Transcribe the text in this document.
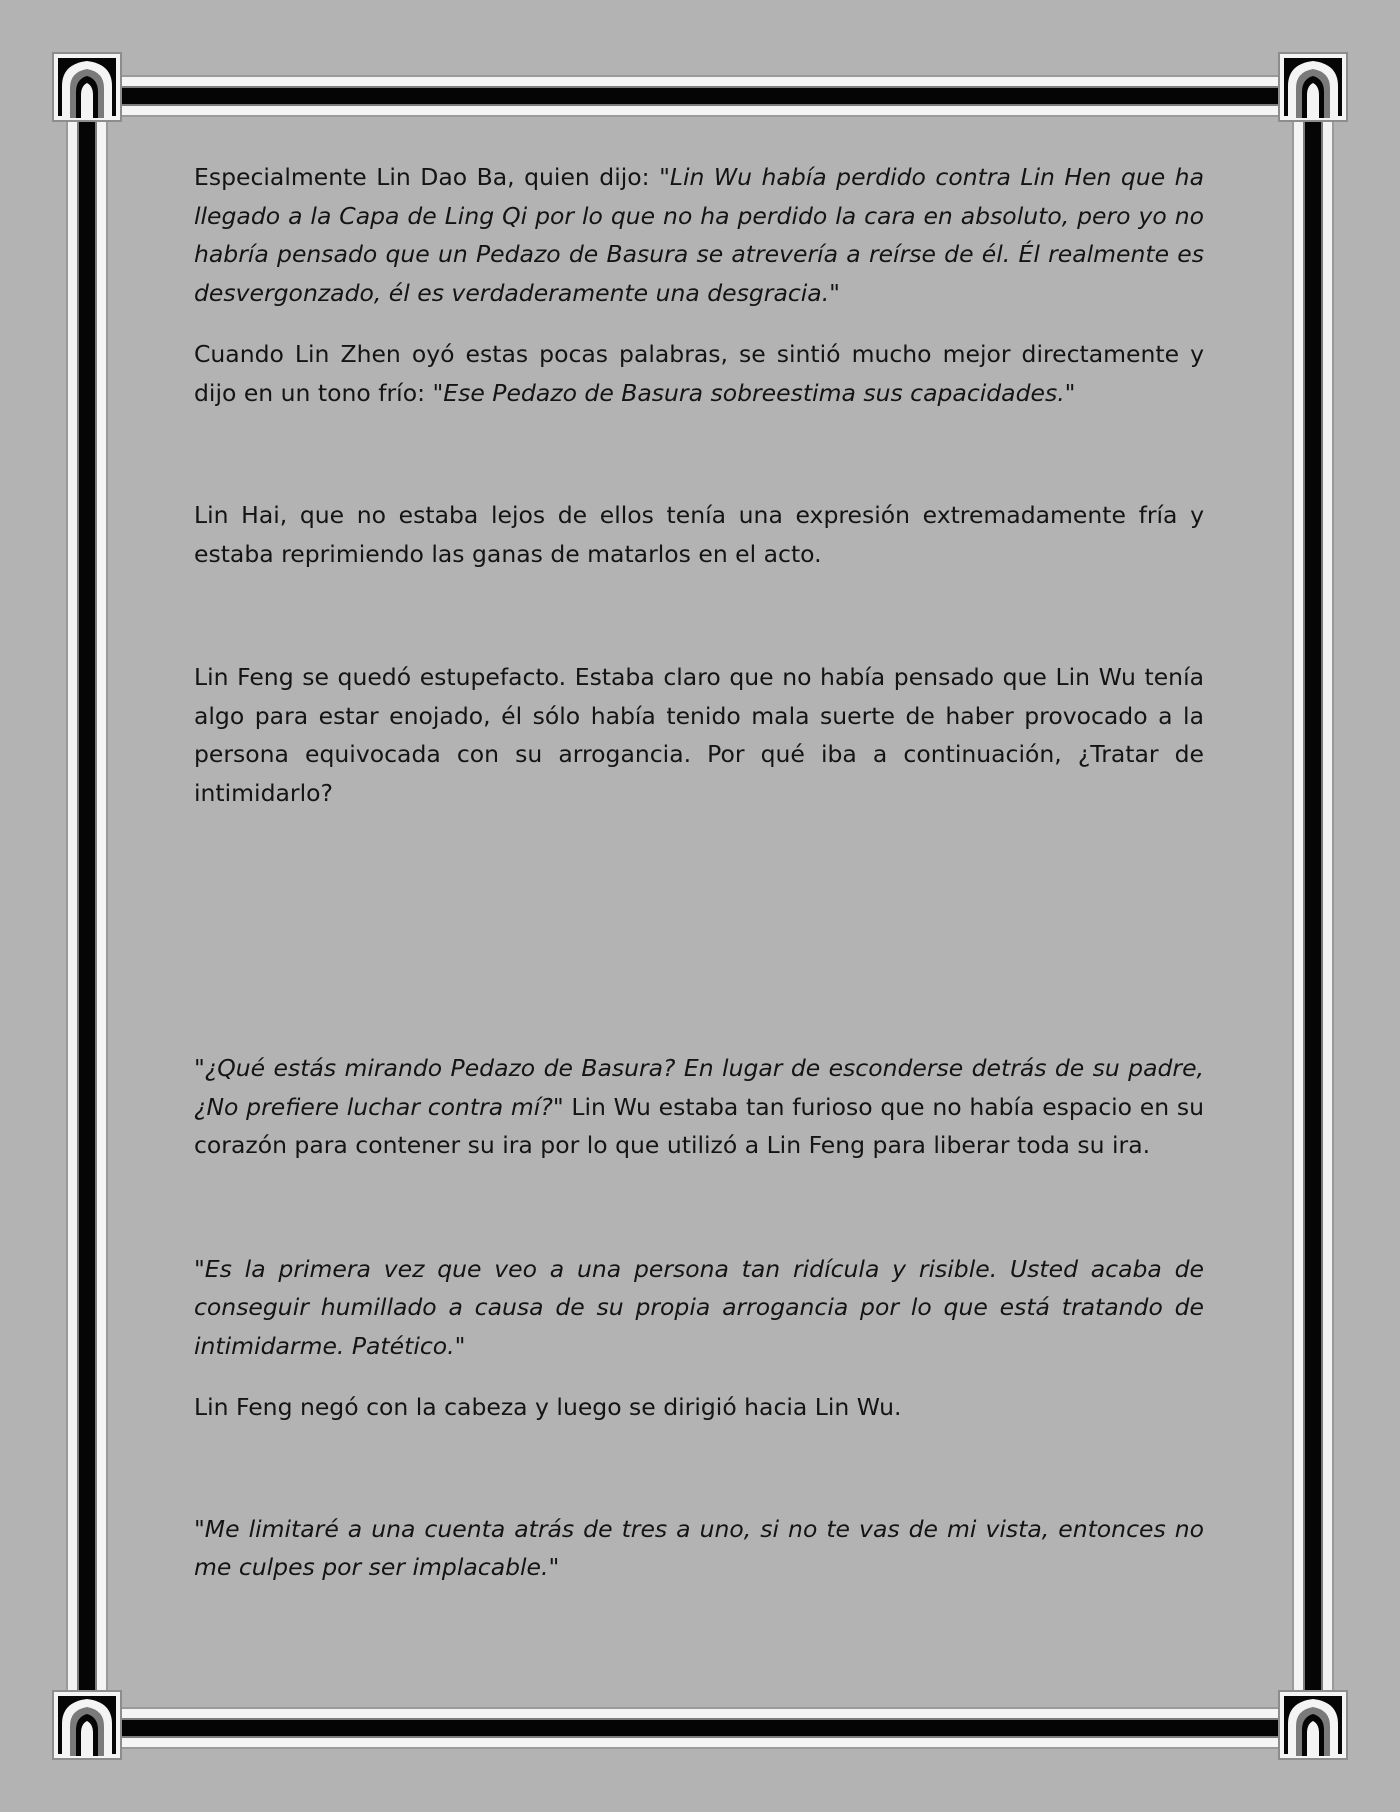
Especialmente Lin Dao Ba, quien dijo: "Lin Wu había perdido contra Lin Hen que ha llegado a la Capa de Ling Qi por lo que no ha perdido la cara en absoluto, pero yo no habría pensado que un Pedazo de Basura se atrevería a reírse de él. Él realmente es desvergonzado, él es verdaderamente una desgracia."

Cuando Lin Zhen oyó estas pocas palabras, se sintió mucho mejor directamente y dijo en un tono frío: "Ese Pedazo de Basura sobreestima sus capacidades."

Lin Hai, que no estaba lejos de ellos tenía una expresión extremadamente fría y estaba reprimiendo las ganas de matarlos en el acto.

Lin Feng se quedó estupefacto. Estaba claro que no había pensado que Lin Wu tenía algo para estar enojado, él sólo había tenido mala suerte de haber provocado a la persona equivocada con su arrogancia. Por qué iba a continuación, ¿Tratar de intimidarlo?

"¿Qué estás mirando Pedazo de Basura? En lugar de esconderse detrás de su padre, ¿No prefiere luchar contra mí?" Lin Wu estaba tan furioso que no había espacio en su corazón para contener su ira por lo que utilizó a Lin Feng para liberar toda su ira.

"Es la primera vez que veo a una persona tan ridícula y risible. Usted acaba de conseguir humillado a causa de su propia arrogancia por lo que está tratando de intimidarme. Patético."

Lin Feng negó con la cabeza y luego se dirigió hacia Lin Wu.

"Me limitaré a una cuenta atrás de tres a uno, si no te vas de mi vista, entonces no me culpes por ser implacable."
